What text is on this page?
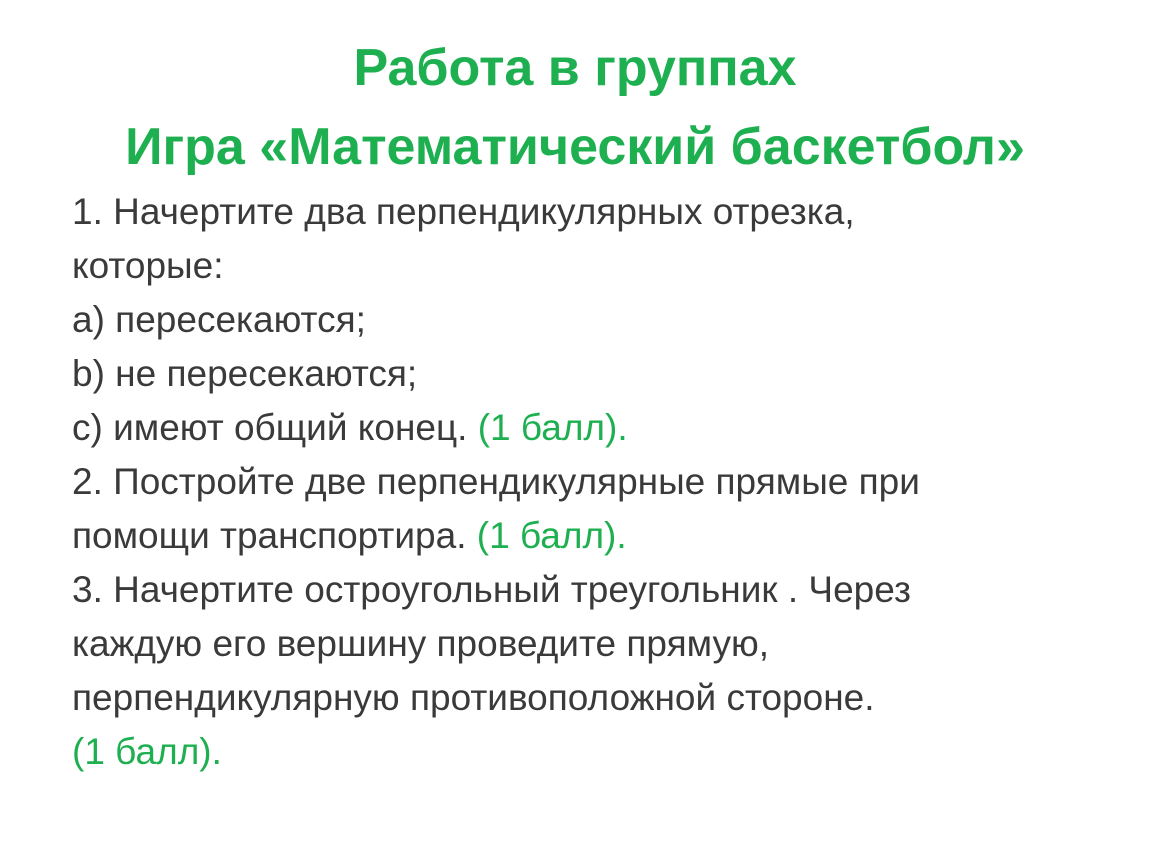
Работа в группах
Игра «Математический баскетбол»
1. Начертите два перпендикулярных отрезка,
которые:
a) пересекаются;
b) не пересекаются;
c) имеют общий конец. (1 балл).
2. Постройте две перпендикулярные прямые при
помощи транспортира. (1 балл).
3. Начертите остроугольный треугольник . Через
каждую его вершину проведите прямую,
перпендикулярную противоположной стороне.
(1 балл).
